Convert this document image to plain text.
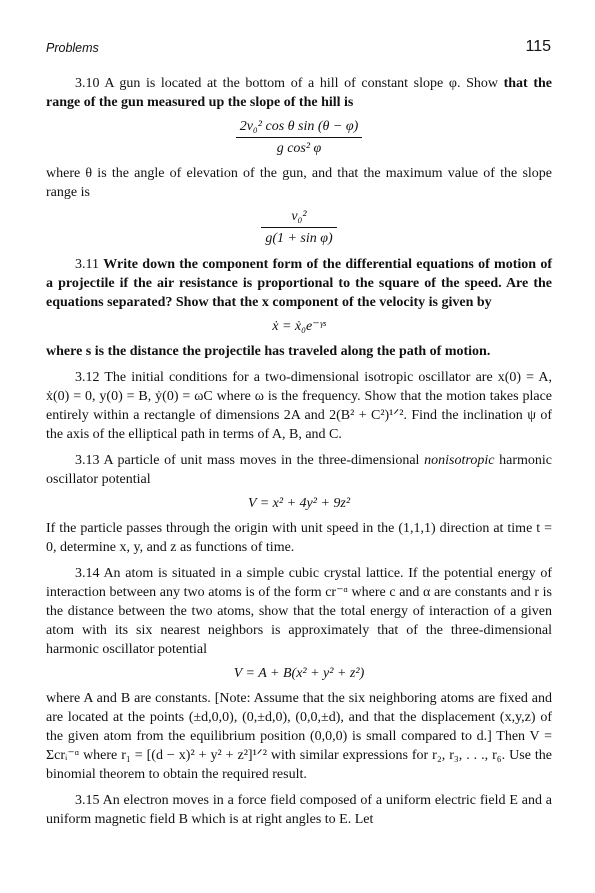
Problems	115

3.10 A gun is located at the bottom of a hill of constant slope φ. Show that the range of the gun measured up the slope of the hill is

$\frac{\text{2v₀² cos θ sin (θ − φ)}}{\text{g cos² φ}}$

where θ is the angle of elevation of the gun, and that the maximum value of the slope range is

$\frac{\text{v₀²}}{\text{g(1 + sin φ)}}$

3.11 Write down the component form of the differential equations of motion of a projectile if the air resistance is proportional to the square of the speed. Are the equations separated? Show that the x component of the velocity is given by

ẋ = ẋ₀e⁻ᵞˢ

where s is the distance the projectile has traveled along the path of motion.

3.12 The initial conditions for a two-dimensional isotropic oscillator are x(0) = A, ẋ(0) = 0, y(0) = B, ẏ(0) = ωC where ω is the frequency. Show that the motion takes place entirely within a rectangle of dimensions 2A and 2(B² + C²)¹ᐟ². Find the inclination ψ of the axis of the elliptical path in terms of A, B, and C.

3.13 A particle of unit mass moves in the three-dimensional nonisotropic harmonic oscillator potential

V = x² + 4y² + 9z²

If the particle passes through the origin with unit speed in the (1,1,1) direction at time t = 0, determine x, y, and z as functions of time.

3.14 An atom is situated in a simple cubic crystal lattice. If the potential energy of interaction between any two atoms is of the form cr⁻ᵅ where c and α are constants and r is the distance between the two atoms, show that the total energy of interaction of a given atom with its six nearest neighbors is approximately that of the three-dimensional harmonic oscillator potential

V = A + B(x² + y² + z²)

where A and B are constants. [Note: Assume that the six neighboring atoms are fixed and are located at the points (±d,0,0), (0,±d,0), (0,0,±d), and that the displacement (x,y,z) of the given atom from the equilibrium position (0,0,0) is small compared to d.] Then V = Σcrᵢ⁻ᵅ where r₁ = [(d − x)² + y² + z²]¹ᐟ² with similar expressions for r₂, r₃, . . ., r₆. Use the binomial theorem to obtain the required result.

3.15 An electron moves in a force field composed of a uniform electric field E and a uniform magnetic field B which is at right angles to E. Let
